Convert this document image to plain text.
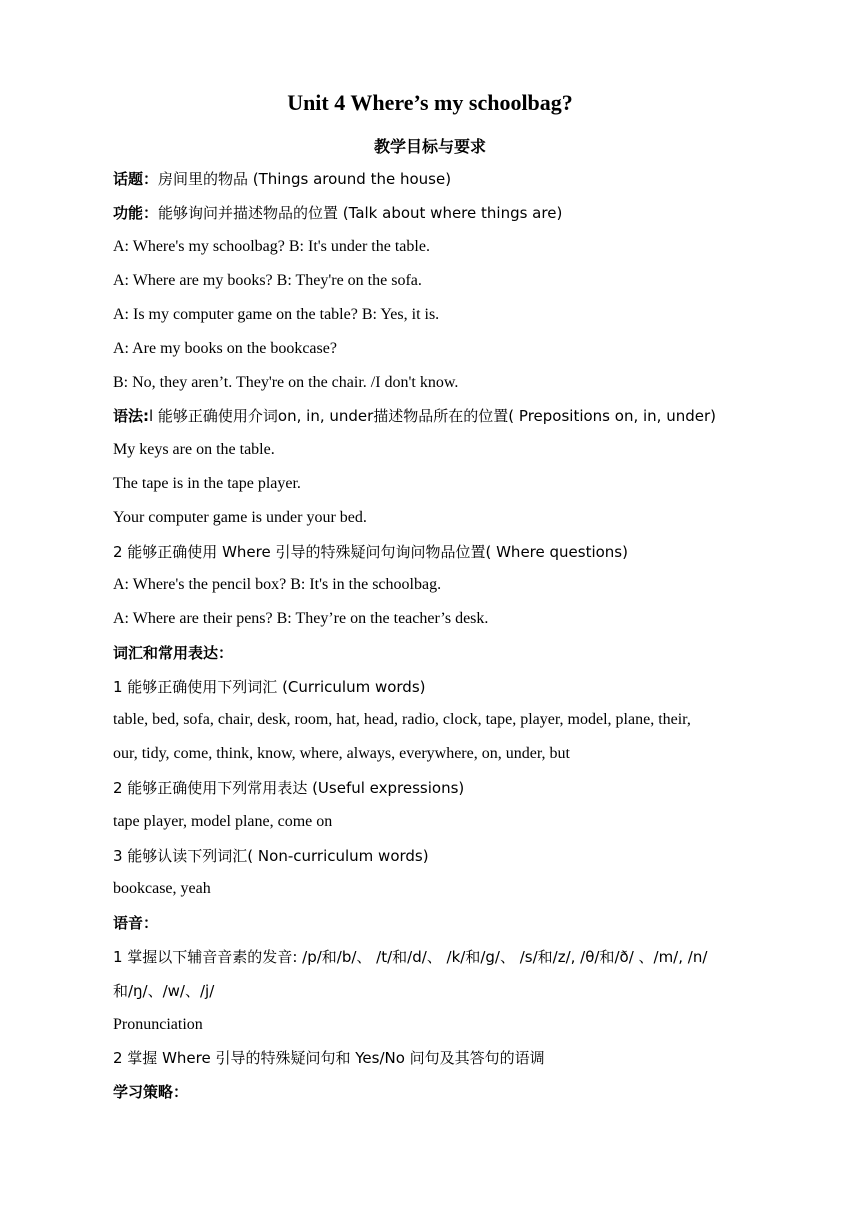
Unit 4 Where’s my schoolbag?
教学目标与要求
话题：房间里的物品 (Things around the house)
功能：能够询问并描述物品的位置 (Talk about where things are)
A: Where's my schoolbag? B: It's under the table.
A: Where are my books? B: They're on the sofa.
A: Is my computer game on the table? B: Yes, it is.
A: Are my books on the bookcase?
B: No, they aren’t. They're on the chair. /I don't know.
语法:l 能够正确使用介词on, in, under描述物品所在的位置( Prepositions on, in, under)
My keys are on the table.
The tape is in the tape player.
Your computer game is under your bed.
2 能够正确使用 Where 引导的特殊疑问句询问物品位置( Where questions)
A: Where's the pencil box? B: It's in the schoolbag.
A: Where are their pens? B: They’re on the teacher’s desk.
词汇和常用表达：
1 能够正确使用下列词汇 (Curriculum words)
table, bed, sofa, chair, desk, room, hat, head, radio, clock, tape, player, model, plane, their,
our, tidy, come, think, know, where, always, everywhere, on, under, but
2 能够正确使用下列常用表达 (Useful expressions)
tape player, model plane, come on
3 能够认读下列词汇( Non-curriculum words)
bookcase, yeah
语音：
1 掌握以下辅音音素的发音: /p/和/b/、 /t/和/d/、 /k/和/g/、 /s/和/z/, /θ/和/ð/ 、/m/, /n/
和/ŋ/、/w/、/j/
Pronunciation
2 掌握 Where 引导的特殊疑问句和 Yes/No 问句及其答句的语调
学习策略：
